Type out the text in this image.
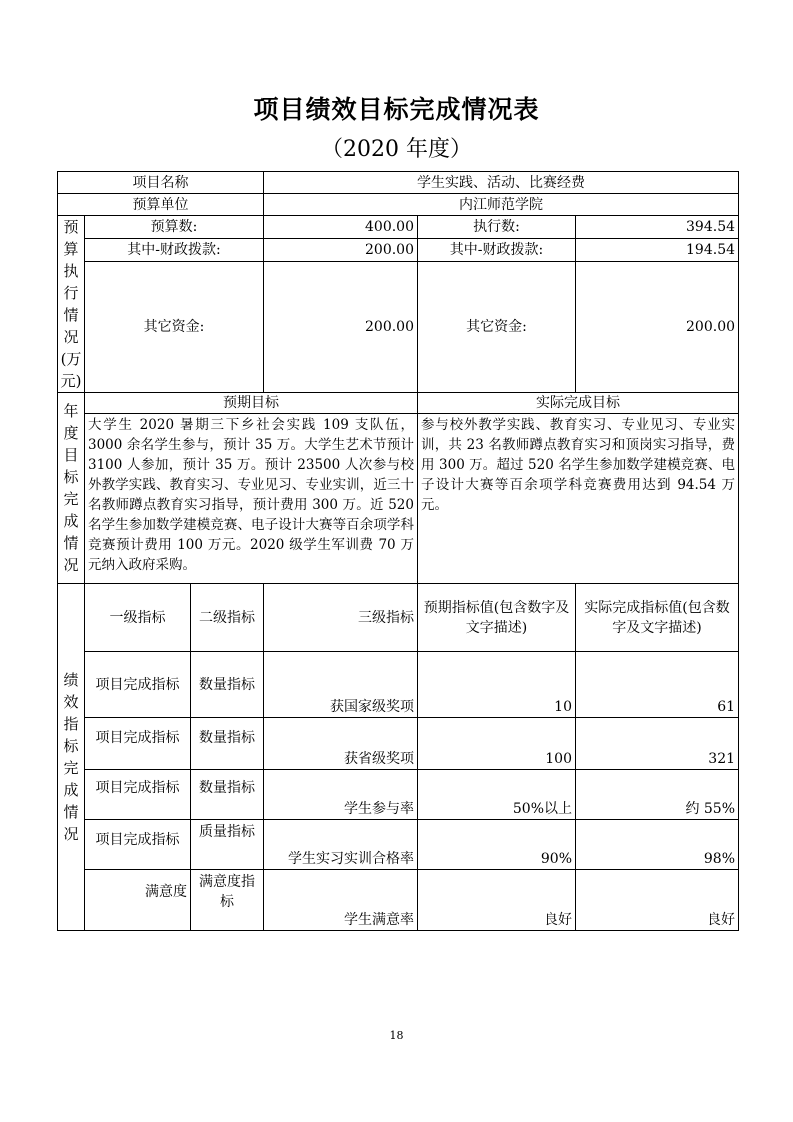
项目绩效目标完成情况表
（2020 年度）
项目名称			学生实践、活动、比赛经费		
预算单位			内江师范学院		
预算执行情况(万元)	预算数:		400.00	执行数:	394.54
	其中-财政拨款:		200.00	其中-财政拨款:	194.54
	其它资金:		200.00	其它资金:	200.00
年度目标完成情况	预期目标			实际完成目标	
	大学生 2020 暑期三下乡社会实践 109 支队伍，3000 余名学生参与，预计 35 万。大学生艺术节预计 3100 人参加，预计 35 万。预计 23500 人次参与校外教学实践、教育实习、专业见习、专业实训，近三十名教师蹲点教育实习指导，预计费用 300 万。近 520 名学生参加数学建模竞赛、电子设计大赛等百余项学科竞赛预计费用 100 万元。2020 级学生军训费 70 万元纳入政府采购。			参与校外教学实践、教育实习、专业见习、专业实训，共 23 名教师蹲点教育实习和顶岗实习指导，费用 300 万。超过 520 名学生参加数学建模竞赛、电子设计大赛等百余项学科竞赛费用达到 94.54 万元。	
绩效指标完成情况	一级指标	二级指标	三级指标	预期指标值(包含数字及文字描述)	实际完成指标值(包含数字及文字描述)
	项目完成指标	数量指标	获国家级奖项	10	61
	项目完成指标	数量指标	获省级奖项	100	321
	项目完成指标	数量指标	学生参与率	50%以上	约 55%
	项目完成指标	质量指标	学生实习实训合格率	90%	98%
	满意度	满意度指标	学生满意率	良好	良好
18
